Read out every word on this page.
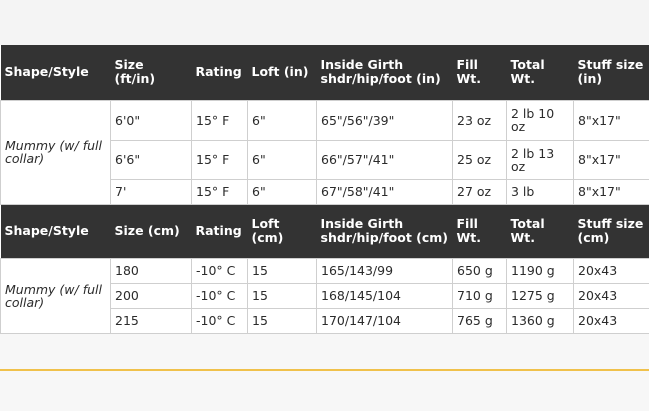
Shape/Style	Size (ft/in)	Rating	Loft (in)	Inside Girth shdr/hip/foot (in)	Fill Wt.	Total Wt.	Stuff size (in)
Mummy (w/ full collar)	6'0"	15° F	6"	65"/56"/39"	23 oz	2 lb 10 oz	8"x17"
	6'6"	15° F	6"	66"/57"/41"	25 oz	2 lb 13 oz	8"x17"
	7'	15° F	6"	67"/58"/41"	27 oz	3 lb	8"x17"
Shape/Style	Size (cm)	Rating	Loft (cm)	Inside Girth shdr/hip/foot (cm)	Fill Wt.	Total Wt.	Stuff size (cm)
Mummy (w/ full collar)	180	-10° C	15	165/143/99	650 g	1190 g	20x43
	200	-10° C	15	168/145/104	710 g	1275 g	20x43
	215	-10° C	15	170/147/104	765 g	1360 g	20x43
